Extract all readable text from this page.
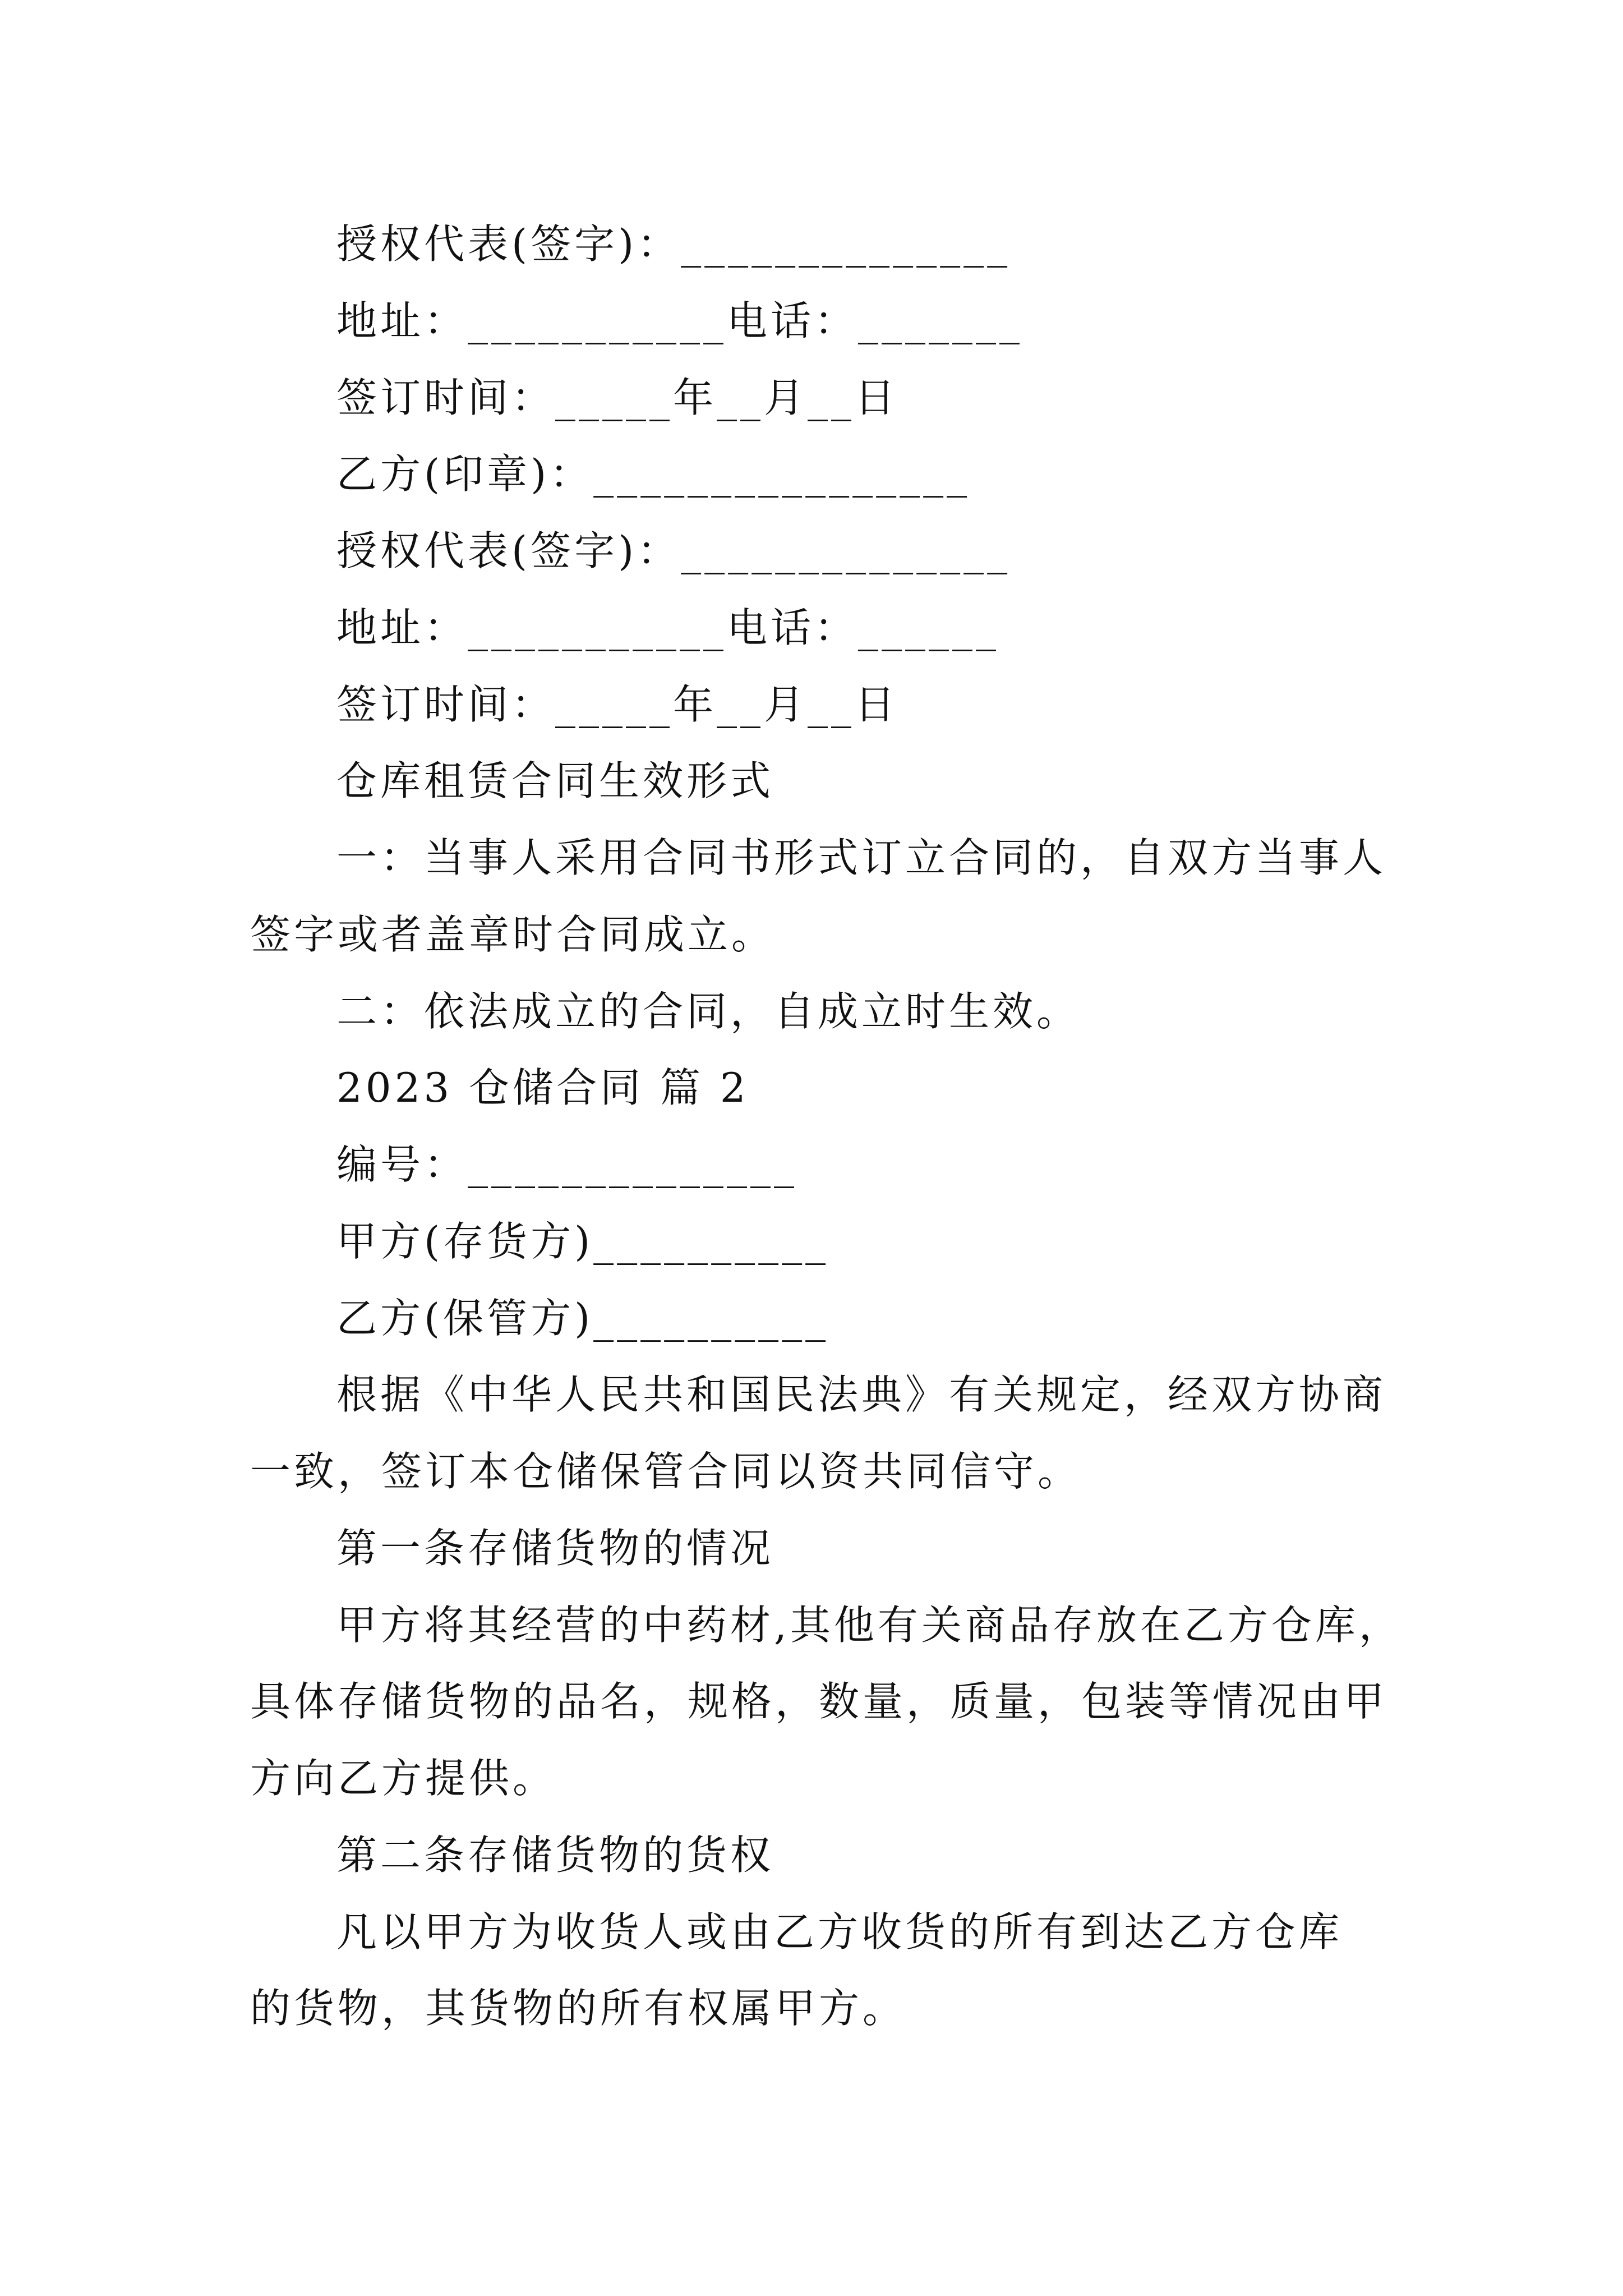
授权代表(签字)：______________
地址：___________电话：_______
签订时间：_____年__月__日
乙方(印章)：________________
授权代表(签字)：______________
地址：___________电话：______
签订时间：_____年__月__日
仓库租赁合同生效形式
一：当事人采用合同书形式订立合同的，自双方当事人
签字或者盖章时合同成立。
二：依法成立的合同，自成立时生效。
2023 仓储合同 篇 2
编号：______________
甲方(存货方)__________
乙方(保管方)__________
根据《中华人民共和国民法典》有关规定，经双方协商
一致，签订本仓储保管合同以资共同信守。
第一条存储货物的情况
甲方将其经营的中药材,其他有关商品存放在乙方仓库，
具体存储货物的品名，规格，数量，质量，包装等情况由甲
方向乙方提供。
第二条存储货物的货权
凡以甲方为收货人或由乙方收货的所有到达乙方仓库
的货物，其货物的所有权属甲方。
